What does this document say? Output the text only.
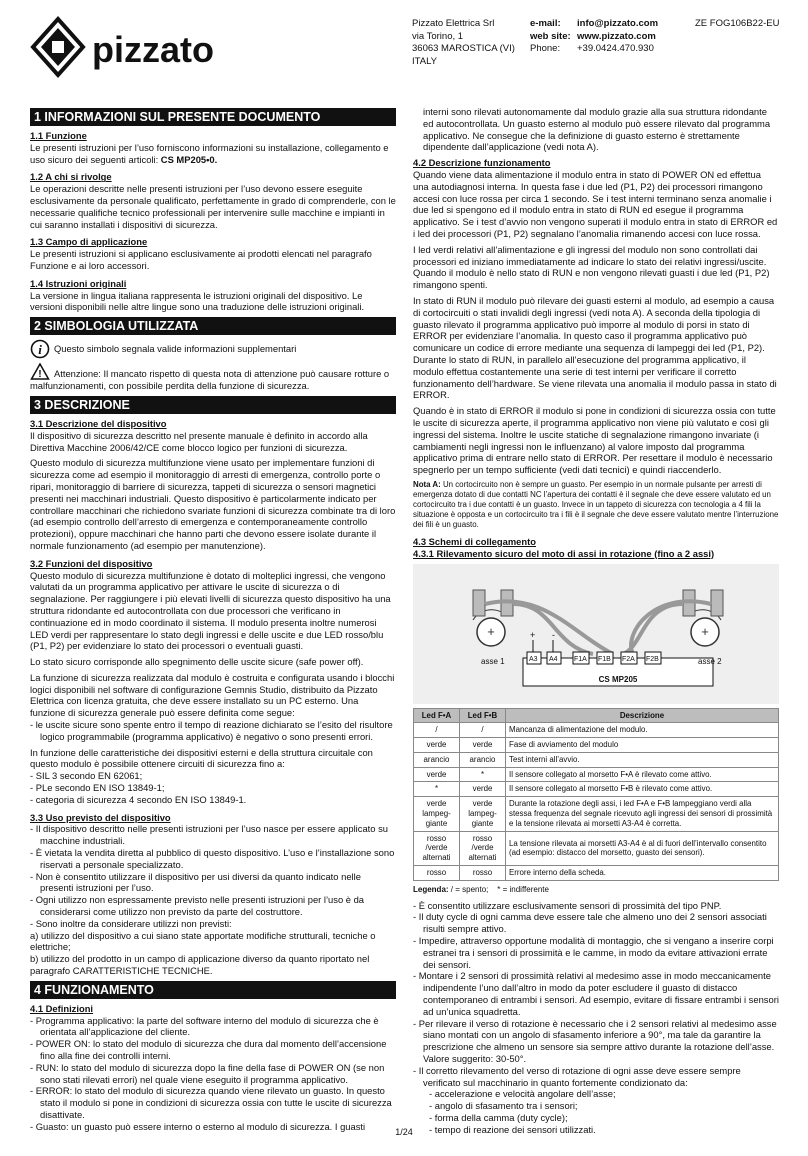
pizzato
Pizzato Elettrica Srl
via Torino, 1
36063 MAROSTICA (VI)
ITALY
e-mail: info@pizzato.com
web site: www.pizzato.com
Phone: +39.0424.470.930
ZE FOG106B22-EU
1 INFORMAZIONI SUL PRESENTE DOCUMENTO
1.1 Funzione

Le presenti istruzioni per l’uso forniscono informazioni su installazione, collegamento e uso sicuro dei seguenti articoli: CS MP205•0.

1.2 A chi si rivolge

Le operazioni descritte nelle presenti istruzioni per l’uso devono essere eseguite esclusivamente da personale qualificato, perfettamente in grado di comprenderle, con le necessarie qualifiche tecnico professionali per intervenire sulle macchine e impianti in cui saranno installati i dispositivi di sicurezza.

1.3 Campo di applicazione

Le presenti istruzioni si applicano esclusivamente ai prodotti elencati nel paragrafo Funzione e ai loro accessori.

1.4 Istruzioni originali

La versione in lingua italiana rappresenta le istruzioni originali del dispositivo. Le versioni disponibili nelle altre lingue sono una traduzione delle istruzioni originali.

2 SIMBOLOGIA UTILIZZATA
i Questo simbolo segnala valide informazioni supplementari

! Attenzione: Il mancato rispetto di questa nota di attenzione può causare rotture o malfunzionamenti, con possibile perdita della funzione di sicurezza.

3 DESCRIZIONE
3.1 Descrizione del dispositivo

Il dispositivo di sicurezza descritto nel presente manuale è definito in accordo alla Direttiva Macchine 2006/42/CE come blocco logico per funzioni di sicurezza.

Questo modulo di sicurezza multifunzione viene usato per implementare funzioni di sicurezza come ad esempio il monitoraggio di arresti di emergenza, controllo porte o ripari, monitoraggio di barriere di sicurezza, tappeti di sicurezza o sensori magnetici presenti nei macchinari industriali. Questo dispositivo è particolarmente indicato per controllare macchinari che richiedono svariate funzioni di sicurezza combinate tra di loro (ad esempio controllo dell’arresto di emergenza e contemporaneamente controllo protezioni), oppure macchinari che hanno parti che devono essere isolate durante il normale funzionamento (ad esempio per manutenzione).

3.2 Funzioni del dispositivo

Questo modulo di sicurezza multifunzione è dotato di molteplici ingressi, che vengono valutati da un programma applicativo per attivare le uscite di sicurezza o di segnalazione. Per raggiungere i più elevati livelli di sicurezza questo dispositivo ha una struttura ridondante ed autocontrollata con due processori che verificano in continuazione ed in modo coordinato il sistema. Il modulo presenta inoltre numerosi LED verdi per rappresentare lo stato degli ingressi e delle uscite e due LED rosso/blu (P1, P2) per evidenziare lo stato dei processori o eventuali guasti.

Lo stato sicuro corrisponde allo spegnimento delle uscite sicure (safe power off).

La funzione di sicurezza realizzata dal modulo è costruita e configurata usando i blocchi logici disponibili nel software di configurazione Gemnis Studio, distribuito da Pizzato Elettrica con licenza gratuita, che deve essere installato su un PC esterno. Una funzione di sicurezza generale può essere definita come segue:

- le uscite sicure sono spente entro il tempo di reazione dichiarato se l’esito del risultore logico programmabile (programma applicativo) è negativo o sono presenti errori.

In funzione delle caratteristiche dei dispositivi esterni e della struttura circuitale con questo modulo è possibile ottenere circuiti di sicurezza fino a:

- SIL 3 secondo EN 62061;
- PLe secondo EN ISO 13849-1;
- categoria di sicurezza 4 secondo EN ISO 13849-1.
3.3 Uso previsto del dispositivo
- Il dispositivo descritto nelle presenti istruzioni per l’uso nasce per essere applicato su macchine industriali.
- È vietata la vendita diretta al pubblico di questo dispositivo. L’uso e l’installazione sono riservati a personale specializzato.
- Non è consentito utilizzare il dispositivo per usi diversi da quanto indicato nelle presenti istruzioni per l’uso.
- Ogni utilizzo non espressamente previsto nelle presenti istruzioni per l’uso è da considerarsi come utilizzo non previsto da parte del costruttore.
- Sono inoltre da considerare utilizzi non previsti:
a) utilizzo del dispositivo a cui siano state apportate modifiche strutturali, tecniche o elettriche;
b) utilizzo del prodotto in un campo di applicazione diverso da quanto riportato nel paragrafo CARATTERISTICHE TECNICHE.
4 FUNZIONAMENTO
4.1 Definizioni
- Programma applicativo: la parte del software interno del modulo di sicurezza che è orientata all’applicazione del cliente.
- POWER ON: lo stato del modulo di sicurezza che dura dal momento dell’accensione fino alla fine dei controlli interni.
- RUN: lo stato del modulo di sicurezza dopo la fine della fase di POWER ON (se non sono stati rilevati errori) nel quale viene eseguito il programma applicativo.
- ERROR: lo stato del modulo di sicurezza quando viene rilevato un guasto. In questo stato il modulo si pone in condizioni di sicurezza ossia con tutte le uscite di sicurezza disattivate.
- Guasto: un guasto può essere interno o esterno al modulo di sicurezza. I guasti

interni sono rilevati autonomamente dal modulo grazie alla sua struttura ridondante ed autocontrollata. Un guasto esterno al modulo può essere rilevato dal programma applicativo. Ne consegue che la definizione di guasto esterno è strettamente dipendente dall’applicazione (vedi nota A).

4.2 Descrizione funzionamento

Quando viene data alimentazione il modulo entra in stato di POWER ON ed effettua una autodiagnosi interna. In questa fase i due led (P1, P2) dei processori rimangono accesi con luce rossa per circa 1 secondo. Se i test interni terminano senza anomalie i due led si spengono ed il modulo entra in stato di RUN ed esegue il programma applicativo. Se i test d’avvio non vengono superati il modulo entra in stato di ERROR ed i led dei processori (P1, P2) segnalano l’anomalia rimanendo accesi con luce rossa.

I led verdi relativi all’alimentazione e gli ingressi del modulo non sono controllati dai processori ed iniziano immediatamente ad indicare lo stato dei relativi ingressi/uscite. Quando il modulo è nello stato di RUN e non vengono rilevati guasti i due led (P1, P2) rimangono spenti.

In stato di RUN il modulo può rilevare dei guasti esterni al modulo, ad esempio a causa di cortocircuiti o stati invalidi degli ingressi (vedi nota A). A seconda della tipologia di guasto rilevato il programma applicativo può imporre al modulo di porsi in stato di ERROR per evidenziare l’anomalia. In questo caso il programma applicativo può comunicare un codice di errore mediante una sequenza di lampeggi dei led (P1, P2).

Durante lo stato di RUN, in parallelo all’esecuzione del programma applicativo, il modulo effettua costantemente una serie di test interni per verificare il corretto funzionamento dell’hardware. Se viene rilevata una anomalia il modulo passa in stato di ERROR.

Quando è in stato di ERROR il modulo si pone in condizioni di sicurezza ossia con tutte le uscite di sicurezza aperte, il programma applicativo non viene più valutato e così gli ingressi del sistema. Inoltre le uscite statiche di segnalazione rimangono invariate (i cambiamenti negli ingressi non le influenzano) al valore imposto dal programma applicativo prima di entrare nello stato di ERROR. Per resettare il modulo è necessario spegnerlo per un tempo sufficiente (vedi dati tecnici) e quindi riaccenderlo.

Nota A: Un cortocircuito non è sempre un guasto. Per esempio in un normale pulsante per arresti di emergenza dotato di due contatti NC l’apertura dei contatti è il segnale che deve essere valutato ed un cortocircuito tra i due contatti è un guasto. Invece in un tappeto di sicurezza con tecnologia a 4 fili la situazione è opposta e un cortocircuito tra i fili è il segnale che deve essere valutato mentre l’interruzione dei fili è un guasto.

4.3 Schemi di collegamento
4.3.1 Rilevamento sicuro del moto di assi in rotazione (fino a 2 assi)
+	+
+ -
CS MP205
A3 A4 F1A F1B F2A F2B
asse 1	asse 2
Led F•A	Led F•B	Descrizione
/	/	Mancanza di alimentazione del modulo.
verde	verde	Fase di avviamento del modulo
arancio	arancio	Test interni all’avvio.
verde	*	Il sensore collegato al morsetto F•A è rilevato come attivo.
*	verde	Il sensore collegato al morsetto F•B è rilevato come attivo.
verde lampeg-giante	verde lampeg-giante	Durante la rotazione degli assi, i led F•A e F•B lampeggiano verdi alla stessa frequenza del segnale ricevuto agli ingressi dei sensori di prossimità e la tensione rilevata ai morsetti A3-A4 è corretta.
rosso /verde alternati	rosso /verde alternati	La tensione rilevata ai morsetti A3-A4 è al di fuori dell’intervallo consentito (ad esempio: distacco del morsetto, guasto dei sensori).
rosso	rosso	Errore interno della scheda.
Legenda: / = spento;    * = indifferente
- È consentito utilizzare esclusivamente sensori di prossimità del tipo PNP.
- Il duty cycle di ogni camma deve essere tale che almeno uno dei 2 sensori associati risulti sempre attivo.
- Impedire, attraverso opportune modalità di montaggio, che si vengano a inserire corpi estranei tra i sensori di prossimità e le camme, in modo da evitare attivazioni errate dei sensori.
- Montare i 2 sensori di prossimità relativi al medesimo asse in modo meccanicamente indipendente l’uno dall’altro in modo da poter escludere il guasto di distacco contemporaneo di entrambi i sensori. Ad esempio, evitare di fissare entrambi i sensori ad un’unica squadretta.
- Per rilevare il verso di rotazione è necessario che i 2 sensori relativi al medesimo asse siano montati con un angolo di sfasamento inferiore a 90°, ma tale da garantire la prescrizione che almeno un sensore sia sempre attivo durante la rotazione dell’asse. Valore suggerito: 30-50°.
- Il corretto rilevamento del verso di rotazione di ogni asse deve essere sempre verificato sul macchinario in quanto fortemente condizionato da:
- accelerazione e velocità angolare dell’asse;
- angolo di sfasamento tra i sensori;
- forma della camma (duty cycle);
- tempo di reazione dei sensori utilizzati.
1/24
